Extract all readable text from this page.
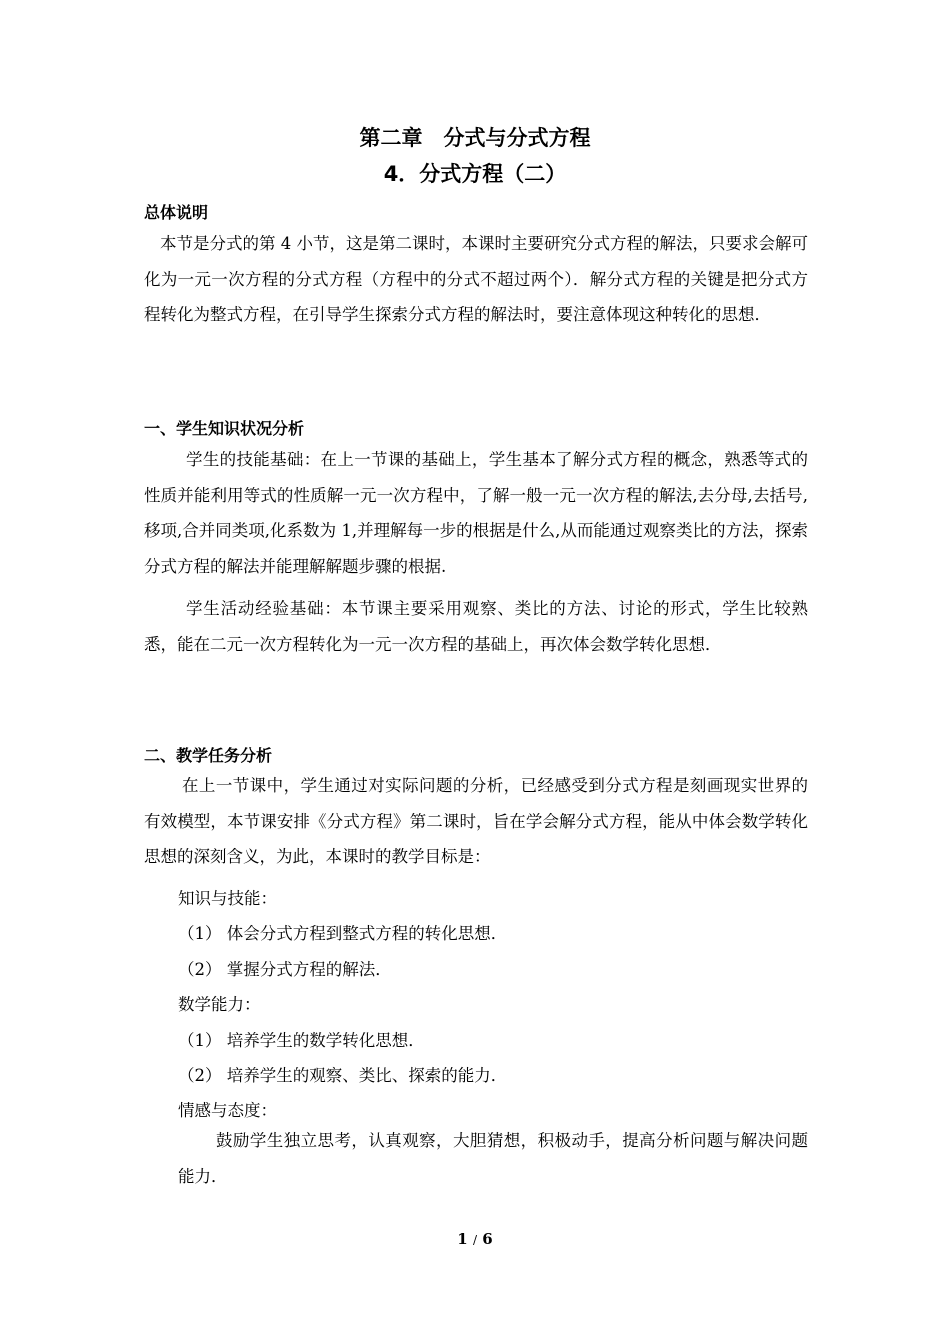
第二章　分式与分式方程
4．分式方程（二）
总体说明
本节是分式的第 4 小节，这是第二课时，本课时主要研究分式方程的解法，只要求会解可化为一元一次方程的分式方程（方程中的分式不超过两个）．解分式方程的关键是把分式方程转化为整式方程，在引导学生探索分式方程的解法时，要注意体现这种转化的思想．
一、学生知识状况分析
学生的技能基础：在上一节课的基础上，学生基本了解分式方程的概念，熟悉等式的性质并能利用等式的性质解一元一次方程中，了解一般一元一次方程的解法,去分母,去括号,移项,合并同类项,化系数为 1,并理解每一步的根据是什么,从而能通过观察类比的方法，探索分式方程的解法并能理解解题步骤的根据.
学生活动经验基础：本节课主要采用观察、类比的方法、讨论的形式，学生比较熟悉，能在二元一次方程转化为一元一次方程的基础上，再次体会数学转化思想．
二、教学任务分析
在上一节课中，学生通过对实际问题的分析，已经感受到分式方程是刻画现实世界的有效模型，本节课安排《分式方程》第二课时，旨在学会解分式方程，能从中体会数学转化思想的深刻含义，为此，本课时的教学目标是：
知识与技能：
（1） 体会分式方程到整式方程的转化思想．
（2） 掌握分式方程的解法．
数学能力：
（1） 培养学生的数学转化思想．
（2） 培养学生的观察、类比、探索的能力．
情感与态度：
鼓励学生独立思考，认真观察，大胆猜想，积极动手，提高分析问题与解决问题能力．
1 / 6
